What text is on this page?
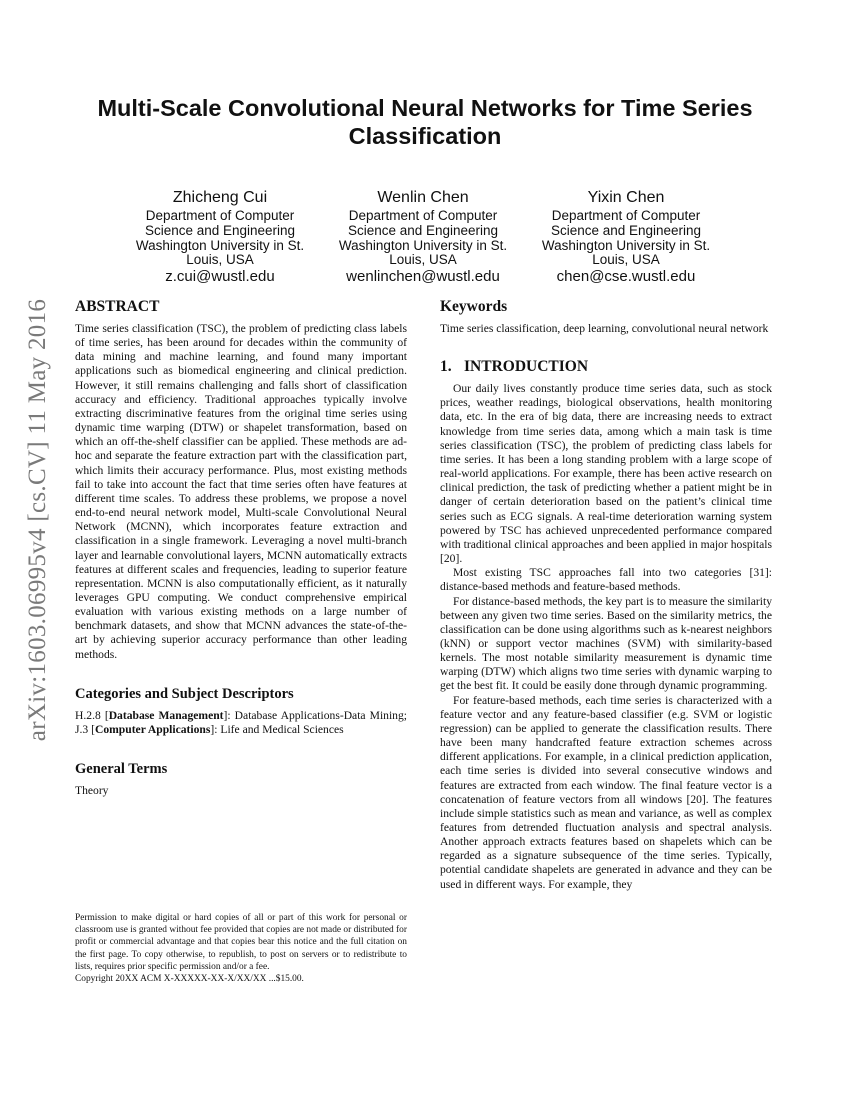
arXiv:1603.06995v4 [cs.CV] 11 May 2016
Multi-Scale Convolutional Neural Networks for Time Series Classification
Zhicheng Cui
Department of Computer
Science and Engineering
Washington University in St.
Louis, USA
z.cui@wustl.edu
Wenlin Chen
Department of Computer
Science and Engineering
Washington University in St.
Louis, USA
wenlinchen@wustl.edu
Yixin Chen
Department of Computer
Science and Engineering
Washington University in St.
Louis, USA
chen@cse.wustl.edu
ABSTRACT

Time series classification (TSC), the problem of predicting class labels of time series, has been around for decades within the community of data mining and machine learning, and found many important applications such as biomedical engineering and clinical prediction. However, it still remains challenging and falls short of classification accuracy and efficiency. Traditional approaches typically involve extracting discriminative features from the original time series using dynamic time warping (DTW) or shapelet transformation, based on which an off-the-shelf classifier can be applied. These methods are ad-hoc and separate the feature extraction part with the classification part, which limits their accuracy performance. Plus, most existing methods fail to take into account the fact that time series often have features at different time scales. To address these problems, we propose a novel end-to-end neural network model, Multi-scale Convolutional Neural Network (MCNN), which incorporates feature extraction and classification in a single framework. Leveraging a novel multi-branch layer and learnable convolutional layers, MCNN automatically extracts features at different scales and frequencies, leading to superior feature representation. MCNN is also computationally efficient, as it naturally leverages GPU computing. We conduct comprehensive empirical evaluation with various existing methods on a large number of benchmark datasets, and show that MCNN advances the state-of-the-art by achieving superior accuracy performance than other leading methods.

Categories and Subject Descriptors

H.2.8 [Database Management]: Database Applications-Data Mining; J.3 [Computer Applications]: Life and Medical Sciences

General Terms

Theory

Permission to make digital or hard copies of all or part of this work for personal or classroom use is granted without fee provided that copies are not made or distributed for profit or commercial advantage and that copies bear this notice and the full citation on the first page. To copy otherwise, to republish, to post on servers or to redistribute to lists, requires prior specific permission and/or a fee.

Copyright 20XX ACM X-XXXXX-XX-X/XX/XX ...$15.00.

Keywords

Time series classification, deep learning, convolutional neural network

1. INTRODUCTION

Our daily lives constantly produce time series data, such as stock prices, weather readings, biological observations, health monitoring data, etc. In the era of big data, there are increasing needs to extract knowledge from time series data, among which a main task is time series classification (TSC), the problem of predicting class labels for time series. It has been a long standing problem with a large scope of real-world applications. For example, there has been active research on clinical prediction, the task of predicting whether a patient might be in danger of certain deterioration based on the patient’s clinical time series such as ECG signals. A real-time deterioration warning system powered by TSC has achieved unprecedented performance compared with traditional clinical approaches and been applied in major hospitals [20].

Most existing TSC approaches fall into two categories [31]: distance-based methods and feature-based methods.

For distance-based methods, the key part is to measure the similarity between any given two time series. Based on the similarity metrics, the classification can be done using algorithms such as k-nearest neighbors (kNN) or support vector machines (SVM) with similarity-based kernels. The most notable similarity measurement is dynamic time warping (DTW) which aligns two time series with dynamic warping to get the best fit. It could be easily done through dynamic programming.

For feature-based methods, each time series is characterized with a feature vector and any feature-based classifier (e.g. SVM or logistic regression) can be applied to generate the classification results. There have been many handcrafted feature extraction schemes across different applications. For example, in a clinical prediction application, each time series is divided into several consecutive windows and features are extracted from each window. The final feature vector is a concatenation of feature vectors from all windows [20]. The features include simple statistics such as mean and variance, as well as complex features from detrended fluctuation analysis and spectral analysis. Another approach extracts features based on shapelets which can be regarded as a signature subsequence of the time series. Typically, potential candidate shapelets are generated in advance and they can be used in different ways. For example, they
